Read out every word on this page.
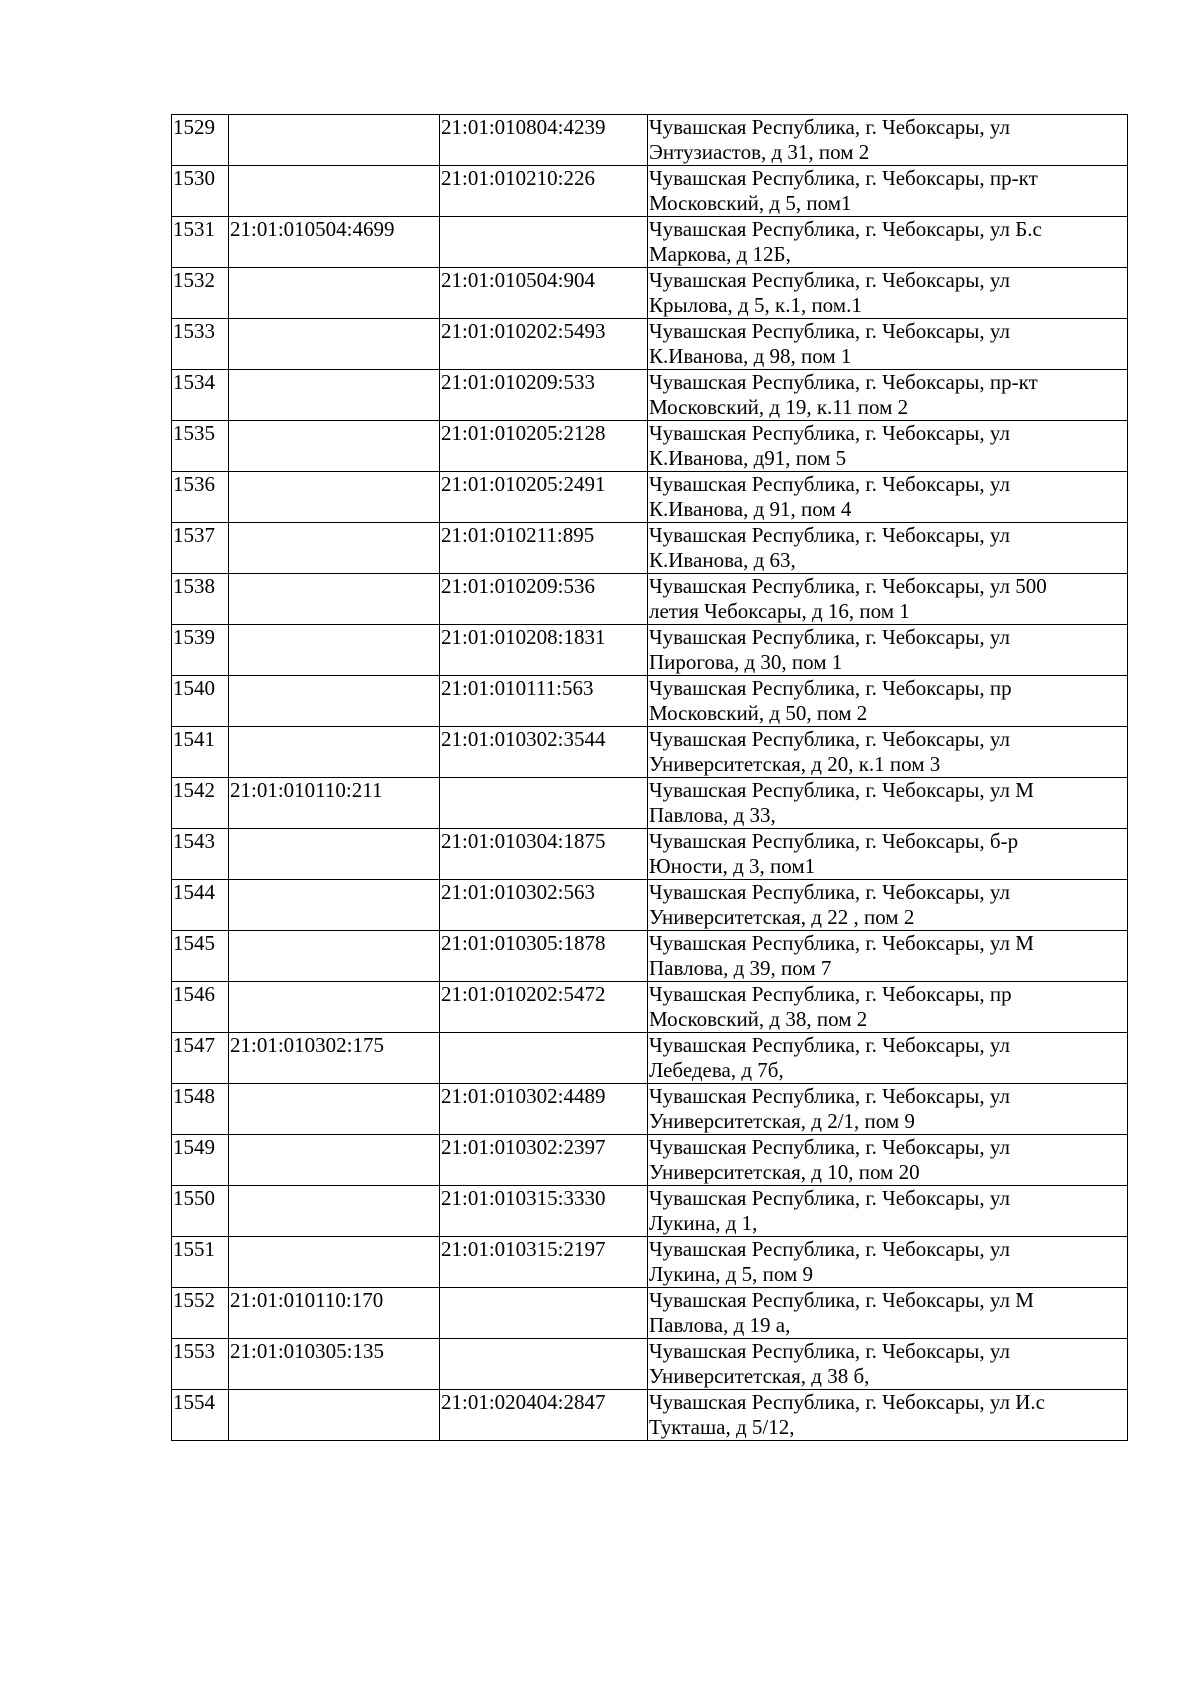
1529		21:01:010804:4239	Чувашская Республика, г. Чебоксары, ул
Энтузиастов, д 31, пом 2

1530		21:01:010210:226	Чувашская Республика, г. Чебоксары, пр-кт
Московский, д 5, пом1

1531	21:01:010504:4699		Чувашская Республика, г. Чебоксары, ул Б.с
Маркова, д 12Б,

1532		21:01:010504:904	Чувашская Республика, г. Чебоксары, ул
Крылова, д 5, к.1, пом.1

1533		21:01:010202:5493	Чувашская Республика, г. Чебоксары, ул
К.Иванова, д 98, пом 1

1534		21:01:010209:533	Чувашская Республика, г. Чебоксары, пр-кт
Московский, д 19, к.11 пом 2

1535		21:01:010205:2128	Чувашская Республика, г. Чебоксары, ул
К.Иванова, д91, пом 5

1536		21:01:010205:2491	Чувашская Республика, г. Чебоксары, ул
К.Иванова, д 91, пом 4

1537		21:01:010211:895	Чувашская Республика, г. Чебоксары, ул
К.Иванова, д 63,

1538		21:01:010209:536	Чувашская Республика, г. Чебоксары, ул 500
летия Чебоксары, д 16, пом 1

1539		21:01:010208:1831	Чувашская Республика, г. Чебоксары, ул
Пирогова, д 30, пом 1

1540		21:01:010111:563	Чувашская Республика, г. Чебоксары, пр
Московский, д 50, пом 2

1541		21:01:010302:3544	Чувашская Республика, г. Чебоксары, ул
Университетская, д 20, к.1 пом 3

1542	21:01:010110:211		Чувашская Республика, г. Чебоксары, ул М
Павлова, д 33,

1543		21:01:010304:1875	Чувашская Республика, г. Чебоксары, б-р
Юности, д 3, пом1

1544		21:01:010302:563	Чувашская Республика, г. Чебоксары, ул
Университетская, д 22 , пом 2

1545		21:01:010305:1878	Чувашская Республика, г. Чебоксары, ул М
Павлова, д 39, пом 7

1546		21:01:010202:5472	Чувашская Республика, г. Чебоксары, пр
Московский, д 38, пом 2

1547	21:01:010302:175		Чувашская Республика, г. Чебоксары, ул
Лебедева, д 7б,

1548		21:01:010302:4489	Чувашская Республика, г. Чебоксары, ул
Университетская, д 2/1, пом 9

1549		21:01:010302:2397	Чувашская Республика, г. Чебоксары, ул
Университетская, д 10, пом 20

1550		21:01:010315:3330	Чувашская Республика, г. Чебоксары, ул
Лукина, д 1,

1551		21:01:010315:2197	Чувашская Республика, г. Чебоксары, ул
Лукина, д 5, пом 9

1552	21:01:010110:170		Чувашская Республика, г. Чебоксары, ул М
Павлова, д 19 а,

1553	21:01:010305:135		Чувашская Республика, г. Чебоксары, ул
Университетская, д 38 б,

1554		21:01:020404:2847	Чувашская Республика, г. Чебоксары, ул И.с
Тукташа, д 5/12,
